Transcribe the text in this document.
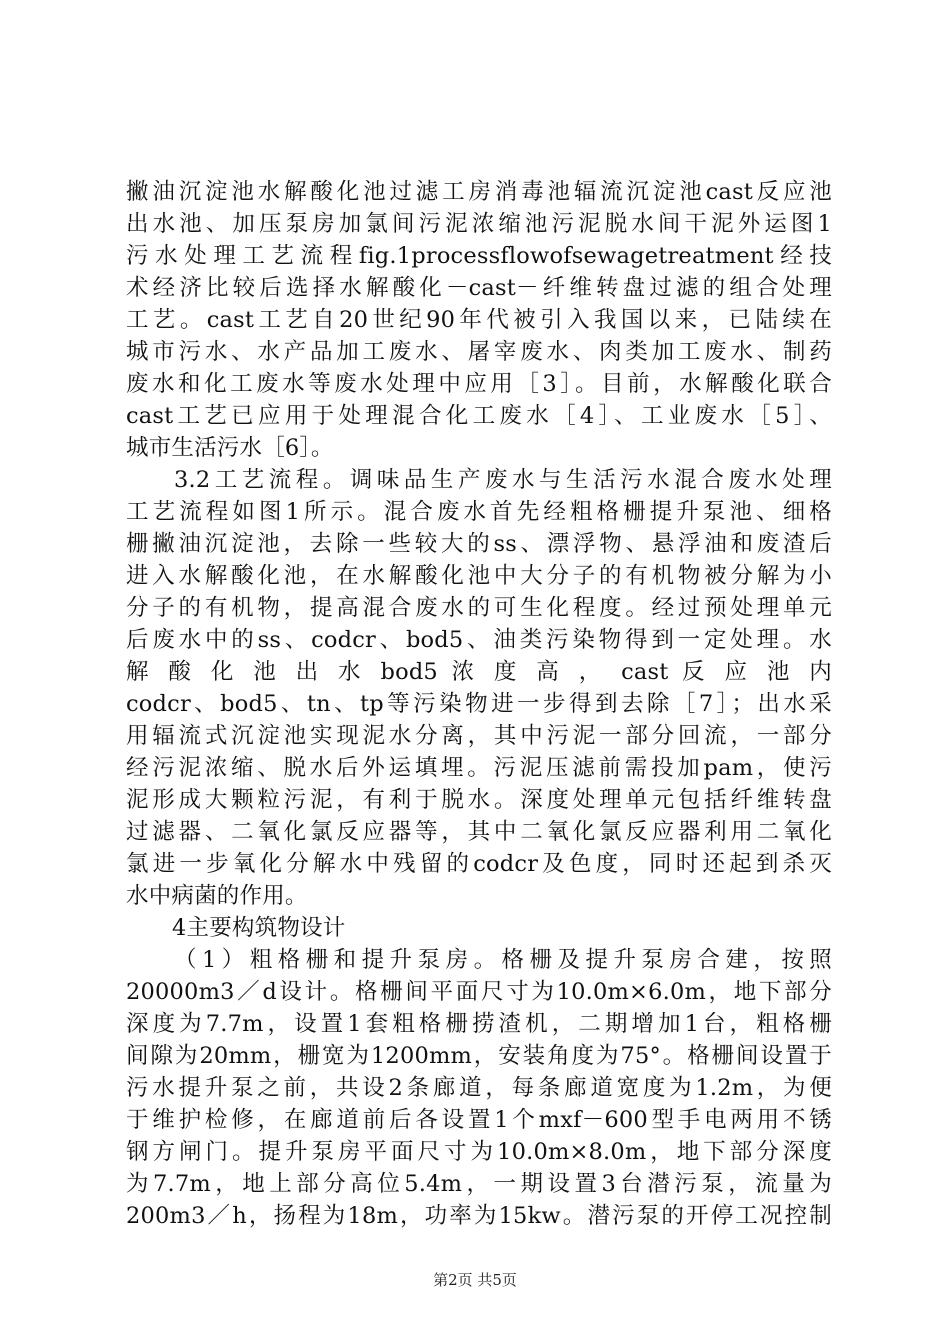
撇油沉淀池水解酸化池过滤工房消毒池辐流沉淀池cast反应池
出水池、加压泵房加氯间污泥浓缩池污泥脱水间干泥外运图1
污水处理工艺流程fig.1processflowofsewagetreatment经技
术经济比较后选择水解酸化－cast－纤维转盘过滤的组合处理
工艺。cast工艺自20世纪90年代被引入我国以来，已陆续在
城市污水、水产品加工废水、屠宰废水、肉类加工废水、制药
废水和化工废水等废水处理中应用［3］。目前，水解酸化联合
cast工艺已应用于处理混合化工废水［4］、工业废水［5］、
城市生活污水［6］。
3.2工艺流程。调味品生产废水与生活污水混合废水处理
工艺流程如图1所示。混合废水首先经粗格栅提升泵池、细格
栅撇油沉淀池，去除一些较大的ss、漂浮物、悬浮油和废渣后
进入水解酸化池，在水解酸化池中大分子的有机物被分解为小
分子的有机物，提高混合废水的可生化程度。经过预处理单元
后废水中的ss、codcr、bod5、油类污染物得到一定处理。水
解 酸 化 池 出 水 bod5 浓 度 高 ， cast 反 应 池 内
codcr、bod5、tn、tp等污染物进一步得到去除［7］；出水采
用辐流式沉淀池实现泥水分离，其中污泥一部分回流，一部分
经污泥浓缩、脱水后外运填埋。污泥压滤前需投加pam，使污
泥形成大颗粒污泥，有利于脱水。深度处理单元包括纤维转盘
过滤器、二氧化氯反应器等，其中二氧化氯反应器利用二氧化
氯进一步氧化分解水中残留的codcr及色度，同时还起到杀灭
水中病菌的作用。
4主要构筑物设计
（1）粗格栅和提升泵房。格栅及提升泵房合建，按照
20000m3／d设计。格栅间平面尺寸为10.0m×6.0m，地下部分
深度为7.7m，设置1套粗格栅捞渣机，二期增加1台，粗格栅
间隙为20mm，栅宽为1200mm，安装角度为75°。格栅间设置于
污水提升泵之前，共设2条廊道，每条廊道宽度为1.2m，为便
于维护检修，在廊道前后各设置1个mxf－600型手电两用不锈
钢方闸门。提升泵房平面尺寸为10.0m×8.0m，地下部分深度
为7.7m，地上部分高位5.4m，一期设置3台潜污泵，流量为
200m3／h，扬程为18m，功率为15kw。潜污泵的开停工况控制
第2页 共5页
